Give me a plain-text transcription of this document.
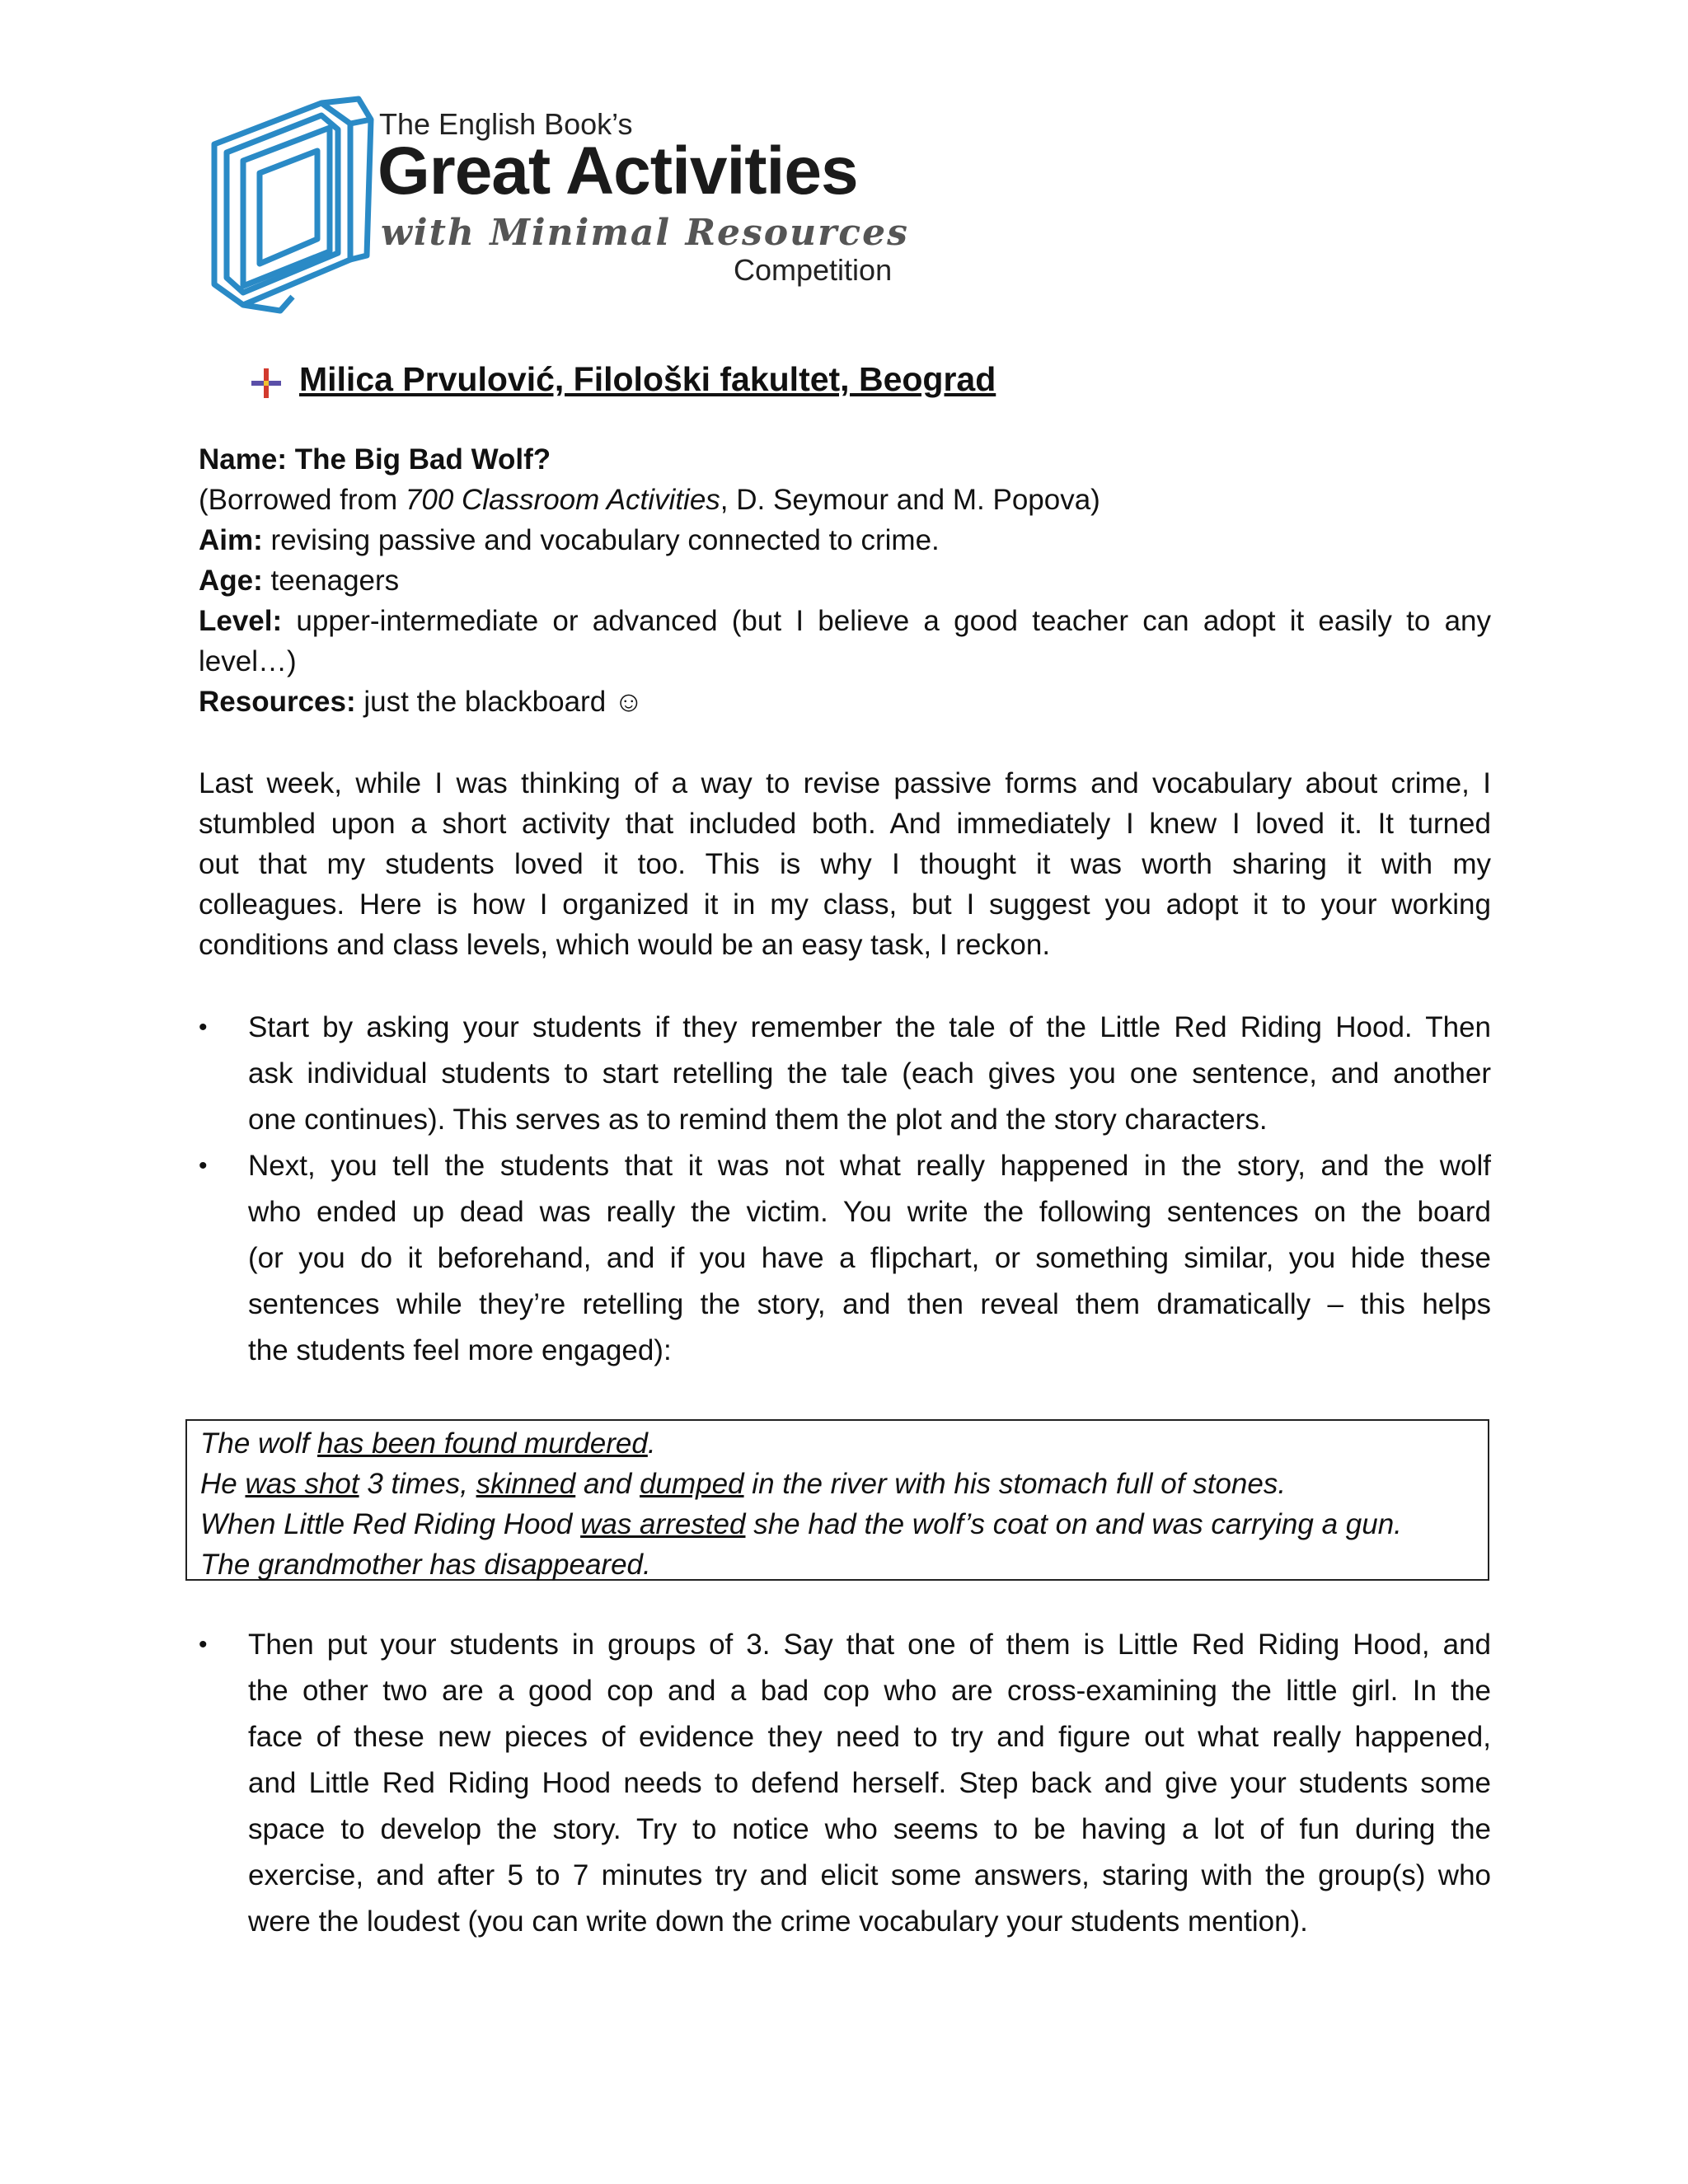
The English Book’s
Great Activities
with Minimal Resources
Competition
Milica Prvulović, Filološki fakultet, Beograd
Name: The Big Bad Wolf?
(Borrowed from 700 Classroom Activities, D. Seymour and M. Popova)
Aim: revising passive and vocabulary connected to crime.
Age: teenagers
Level: upper-intermediate or advanced (but I believe a good teacher can adopt it easily to any
level…)
Resources: just the blackboard ☺
Last week, while I was thinking of a way to revise passive forms and vocabulary about crime, I
stumbled upon a short activity that included both. And immediately I knew I loved it. It turned
out that my students loved it too. This is why I thought it was worth sharing it with my
colleagues. Here is how I organized it in my class, but I suggest you adopt it to your working
conditions and class levels, which would be an easy task, I reckon.
• Start by asking your students if they remember the tale of the Little Red Riding Hood. Then
ask individual students to start retelling the tale (each gives you one sentence, and another
one continues). This serves as to remind them the plot and the story characters.
• Next, you tell the students that it was not what really happened in the story, and the wolf
who ended up dead was really the victim. You write the following sentences on the board
(or you do it beforehand, and if you have a flipchart, or something similar, you hide these
sentences while they’re retelling the story, and then reveal them dramatically – this helps
the students feel more engaged):
The wolf has been found murdered.
He was shot 3 times, skinned and dumped in the river with his stomach full of stones.
When Little Red Riding Hood was arrested she had the wolf’s coat on and was carrying a gun.
The grandmother has disappeared.
• Then put your students in groups of 3. Say that one of them is Little Red Riding Hood, and
the other two are a good cop and a bad cop who are cross-examining the little girl. In the
face of these new pieces of evidence they need to try and figure out what really happened,
and Little Red Riding Hood needs to defend herself. Step back and give your students some
space to develop the story. Try to notice who seems to be having a lot of fun during the
exercise, and after 5 to 7 minutes try and elicit some answers, staring with the group(s) who
were the loudest (you can write down the crime vocabulary your students mention).
